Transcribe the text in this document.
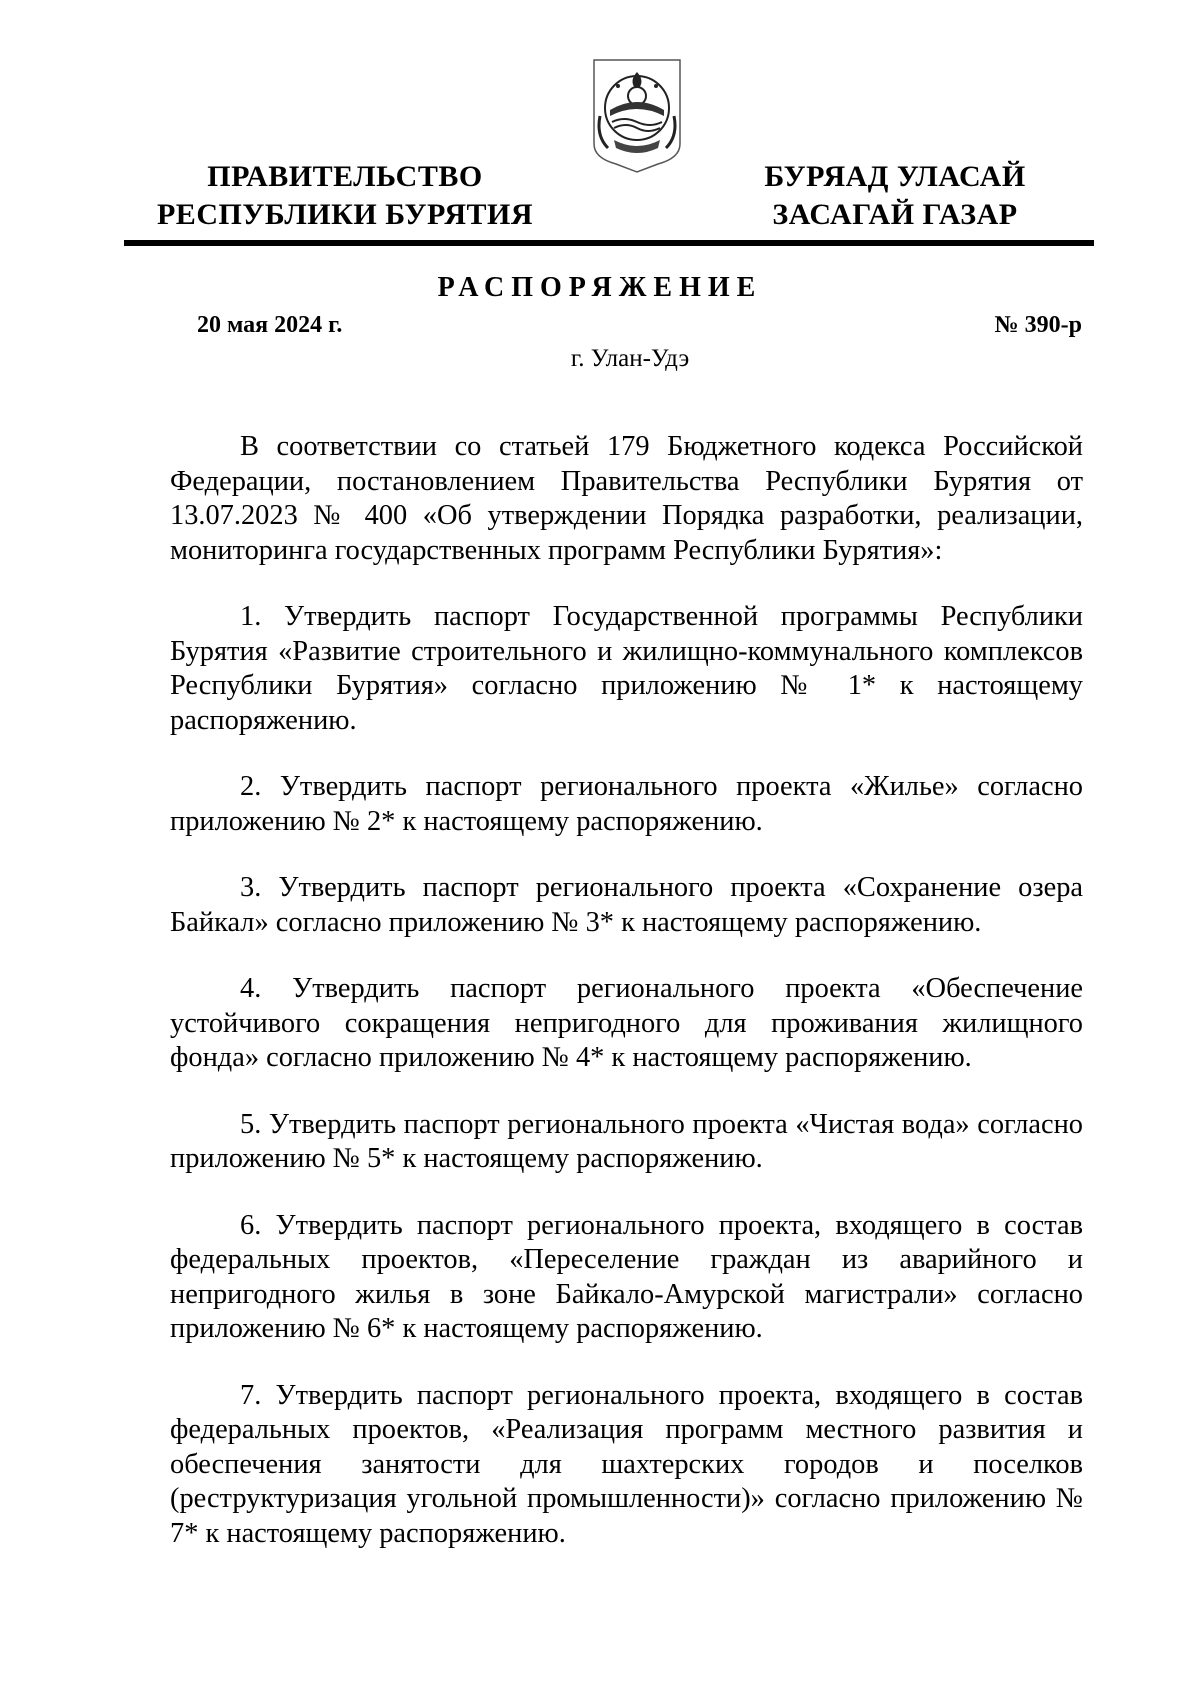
ПРАВИТЕЛЬСТВО
РЕСПУБЛИКИ БУРЯТИЯ
БУРЯАД УЛАСАЙ
ЗАСАГАЙ ГАЗАР
РАСПОРЯЖЕНИЕ
20 мая 2024 г.	№ 390-р
г. Улан-Удэ

В соответствии со статьей 179 Бюджетного кодекса Российской Федерации, постановлением Правительства Республики Бурятия от 13.07.2023 № 400 «Об утверждении Порядка разработки, реализации, мониторинга государственных программ Республики Бурятия»:

1. Утвердить паспорт Государственной программы Республики Бурятия «Развитие строительного и жилищно-коммунального комплексов Республики Бурятия» согласно приложению № 1* к настоящему распоряжению.

2. Утвердить паспорт регионального проекта «Жилье» согласно приложению № 2* к настоящему распоряжению.

3. Утвердить паспорт регионального проекта «Сохранение озера Байкал» согласно приложению № 3* к настоящему распоряжению.

4. Утвердить паспорт регионального проекта «Обеспечение устойчивого сокращения непригодного для проживания жилищного фонда» согласно приложению № 4* к настоящему распоряжению.

5. Утвердить паспорт регионального проекта «Чистая вода» согласно приложению № 5* к настоящему распоряжению.

6. Утвердить паспорт регионального проекта, входящего в состав федеральных проектов, «Переселение граждан из аварийного и непригодного жилья в зоне Байкало-Амурской магистрали» согласно приложению № 6* к настоящему распоряжению.

7. Утвердить паспорт регионального проекта, входящего в состав федеральных проектов, «Реализация программ местного развития и обеспечения занятости для шахтерских городов и поселков (реструктуризация угольной промышленности)» согласно приложению № 7* к настоящему распоряжению.
